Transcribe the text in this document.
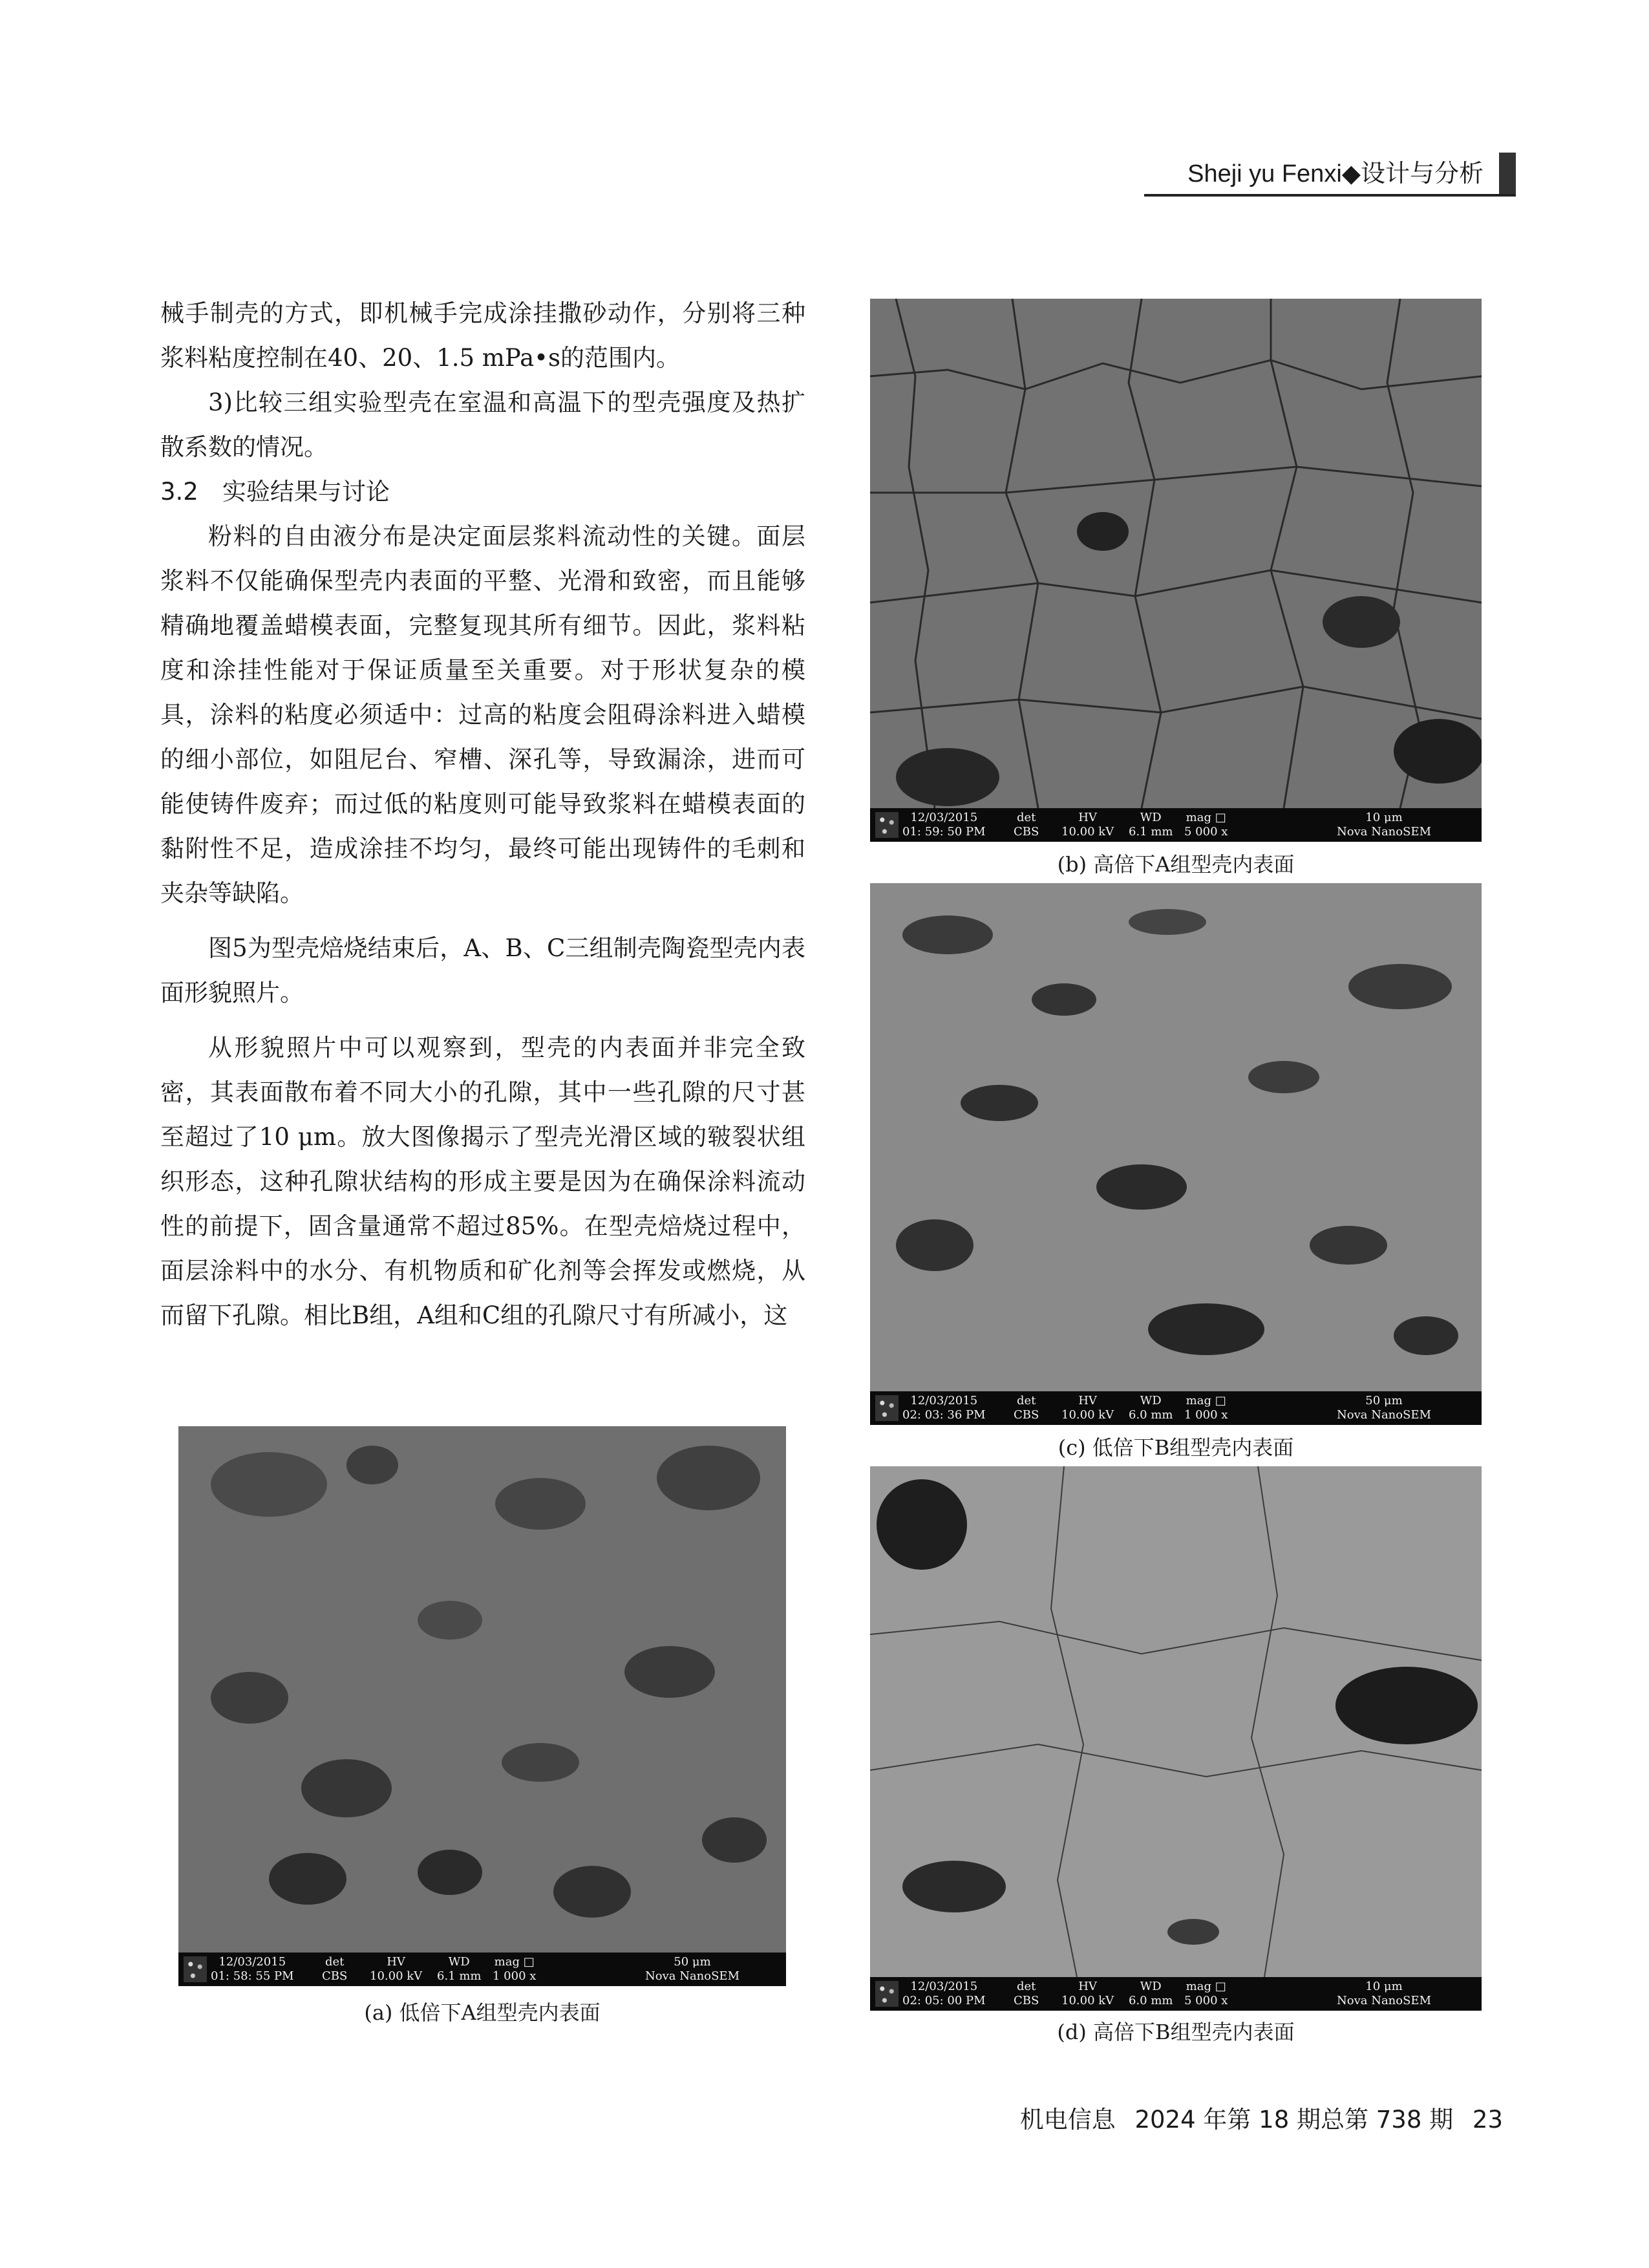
Sheji yu Fenxi◆设计与分析

械手制壳的方式，即机械手完成涂挂撒砂动作，分别将三种浆料粘度控制在40、20、1.5 mPa•s的范围内。

3)比较三组实验型壳在室温和高温下的型壳强度及热扩散系数的情况。

3.2　实验结果与讨论

粉料的自由液分布是决定面层浆料流动性的关键。面层浆料不仅能确保型壳内表面的平整、光滑和致密，而且能够精确地覆盖蜡模表面，完整复现其所有细节。因此，浆料粘度和涂挂性能对于保证质量至关重要。对于形状复杂的模具，涂料的粘度必须适中：过高的粘度会阻碍涂料进入蜡模的细小部位，如阻尼台、窄槽、深孔等，导致漏涂，进而可能使铸件废弃；而过低的粘度则可能导致浆料在蜡模表面的黏附性不足，造成涂挂不均匀，最终可能出现铸件的毛刺和夹杂等缺陷。

图5为型壳焙烧结束后，A、B、C三组制壳陶瓷型壳内表面形貌照片。

从形貌照片中可以观察到，型壳的内表面并非完全致密，其表面散布着不同大小的孔隙，其中一些孔隙的尺寸甚至超过了10 μm。放大图像揭示了型壳光滑区域的皲裂状组织形态，这种孔隙状结构的形成主要是因为在确保涂料流动性的前提下，固含量通常不超过85%。在型壳焙烧过程中，面层涂料中的水分、有机物质和矿化剂等会挥发或燃烧，从而留下孔隙。相比B组，A组和C组的孔隙尺寸有所减小，这

12/03/2015
01: 59: 50 PM
det
CBS
HV
10.00 kV
WD
6.1 mm
mag □
5 000 x
10 μm
Nova NanoSEM
(b) 高倍下A组型壳内表面
12/03/2015
02: 03: 36 PM
det
CBS
HV
10.00 kV
WD
6.0 mm
mag □
1 000 x
50 μm
Nova NanoSEM
(c) 低倍下B组型壳内表面
12/03/2015
02: 05: 00 PM
det
CBS
HV
10.00 kV
WD
6.0 mm
mag □
5 000 x
10 μm
Nova NanoSEM
(d) 高倍下B组型壳内表面
12/03/2015
01: 58: 55 PM
det
CBS
HV
10.00 kV
WD
6.1 mm
mag □
1 000 x
50 μm
Nova NanoSEM
(a) 低倍下A组型壳内表面
机电信息 2024 年第 18 期总第 738 期 23
